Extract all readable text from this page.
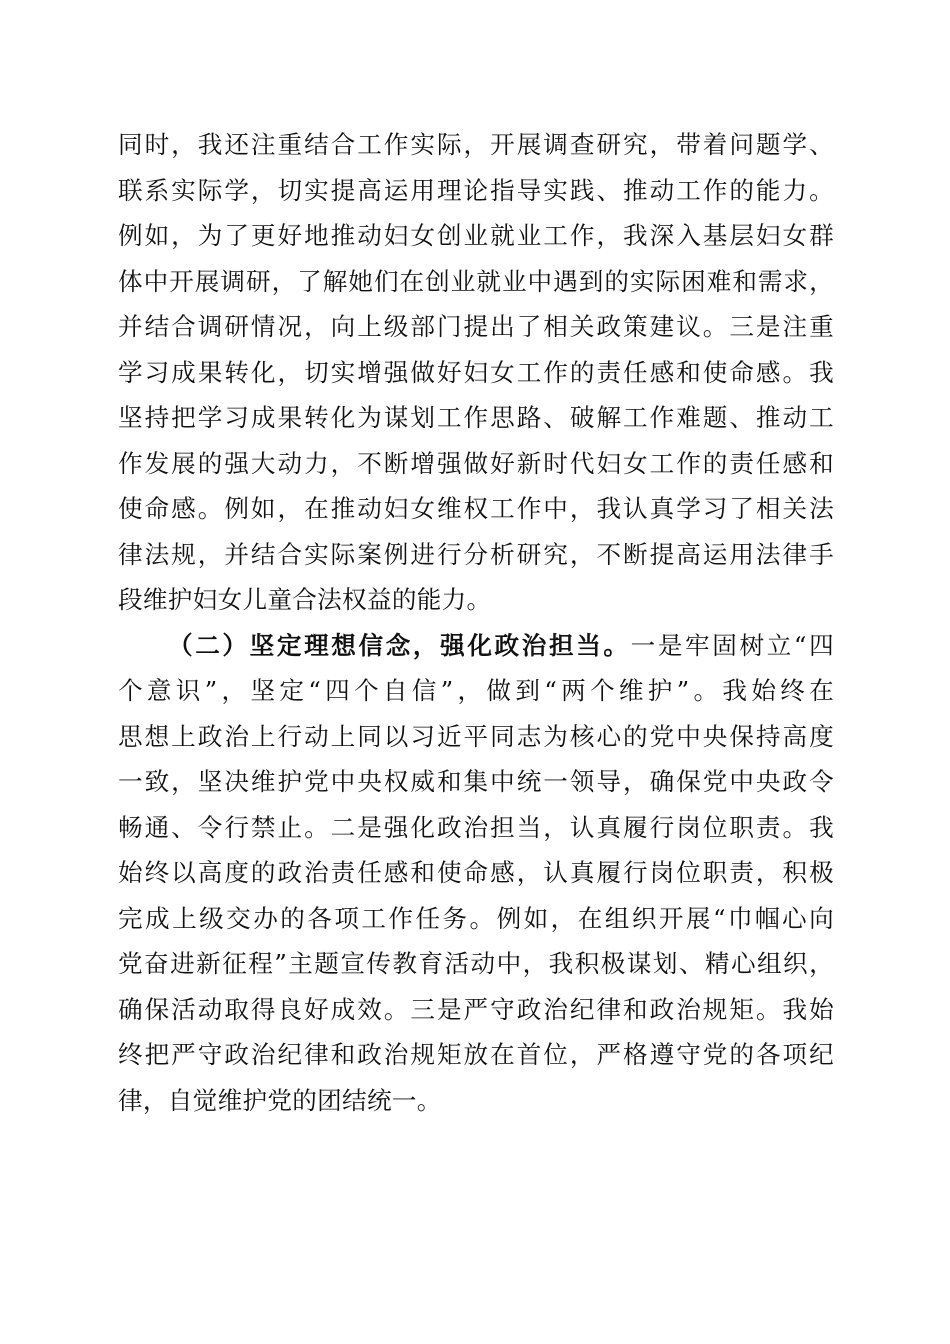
同时，我还注重结合工作实际，开展调查研究，带着问题学、
联系实际学，切实提高运用理论指导实践、推动工作的能力。
例如，为了更好地推动妇女创业就业工作，我深入基层妇女群
体中开展调研，了解她们在创业就业中遇到的实际困难和需求，
并结合调研情况，向上级部门提出了相关政策建议。三是注重
学习成果转化，切实增强做好妇女工作的责任感和使命感。我
坚持把学习成果转化为谋划工作思路、破解工作难题、推动工
作发展的强大动力，不断增强做好新时代妇女工作的责任感和
使命感。例如，在推动妇女维权工作中，我认真学习了相关法
律法规，并结合实际案例进行分析研究，不断提高运用法律手
段维护妇女儿童合法权益的能力。
（二）坚定理想信念，强化政治担当。一是牢固树立“四
个意识”，坚定“四个自信”，做到“两个维护”。我始终在
思想上政治上行动上同以习近平同志为核心的党中央保持高度
一致，坚决维护党中央权威和集中统一领导，确保党中央政令
畅通、令行禁止。二是强化政治担当，认真履行岗位职责。我
始终以高度的政治责任感和使命感，认真履行岗位职责，积极
完成上级交办的各项工作任务。例如，在组织开展“巾帼心向
党奋进新征程”主题宣传教育活动中，我积极谋划、精心组织，
确保活动取得良好成效。三是严守政治纪律和政治规矩。我始
终把严守政治纪律和政治规矩放在首位，严格遵守党的各项纪
律，自觉维护党的团结统一。
